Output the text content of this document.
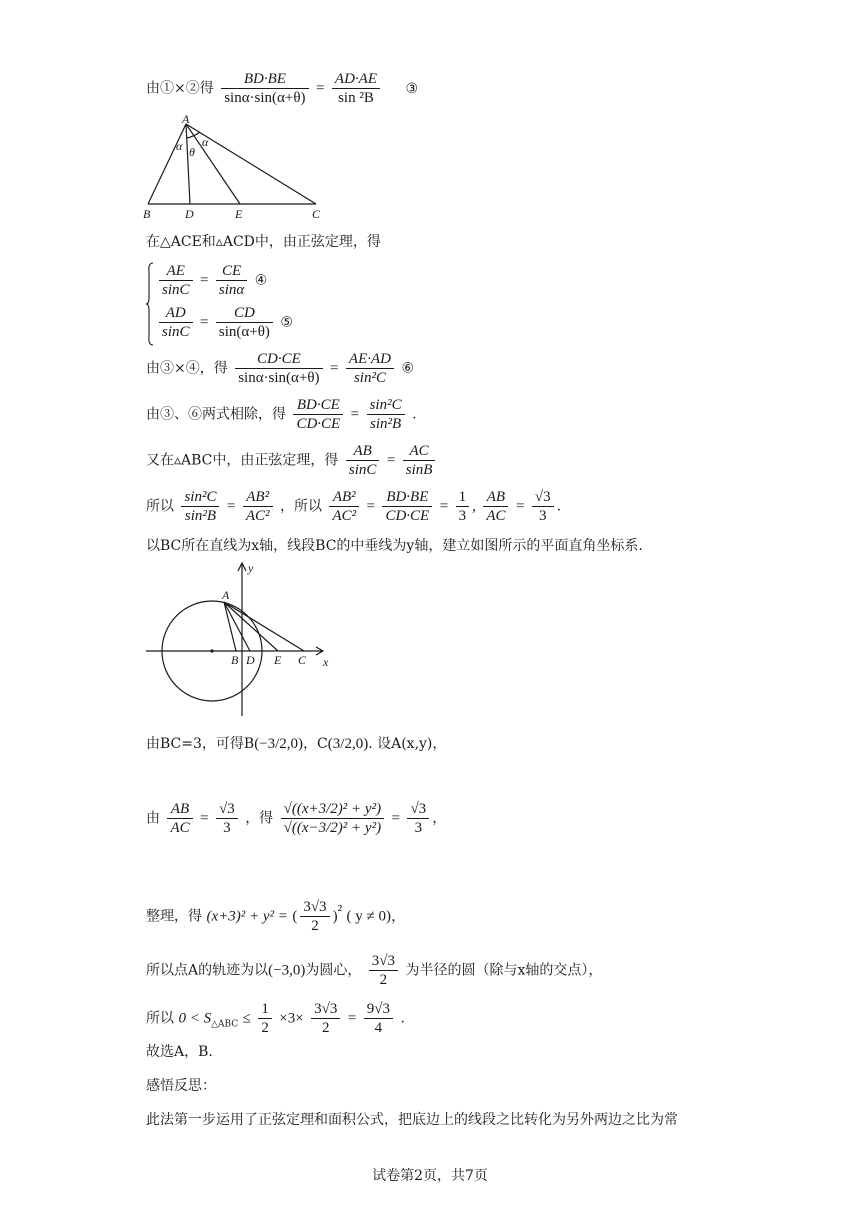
由①×②得 $\frac{BD\cdot BE}{\sin\alpha\cdot\sin(\alpha+\theta)} = \frac{AD\cdot AE}{\text{sin ²B}}$ ③
A
B	D	E	C
α θ
α
在△ACE和▵ACD中，由正弦定理，得
$\frac{AE}{\sin C} = \frac{CE}{\sin\alpha}$ ④
$\frac{AD}{\sin C} = \frac{CD}{\sin(\alpha+\theta)}$ ⑤
由③×④，得 $\frac{CD\cdot CE}{\sin\alpha\cdot\sin(\alpha+\theta)} = \frac{AE\cdot AD}{\text{sin²C}}$ ⑥
由③、⑥两式相除，得 $\frac{BD\cdot CE}{CD\cdot CE} = \frac{\text{sin²C}}{\text{sin²B}}$ .
又在▵ABC中，由正弦定理，得 $\frac{AB}{\sin C} = \frac{AC}{\sin B}$
所以 $\frac{\text{sin²C}}{\text{sin²B}} = \frac{\text{AB²}}{\text{AC²}}$ ，所以 $\frac{\text{AB²}}{\text{AC²}} = \frac{BD\cdot BE}{CD\cdot CE} = \frac{1}{3}$ , $\frac{AB}{AC} = \frac{√3}{3}$ .
以BC所在直线为x轴，线段BC的中垂线为y轴，建立如图所示的平面直角坐标系.
y
x
A
B D E C
由BC=3，可得B(−3/2,0)，C(3/2,0). 设A(x,y)，
由 $\frac{AB}{AC} = \frac{√3}{3}$ ，得 $\frac{\text{√((x+3/2)² + y²)}}{\text{√((x−3/2)² + y²)}} = \frac{√3}{3}$ ，
整理，得 (x+3)² + y² = ( $\frac{3√3}{2} )^{^2}$ ( y ≠ 0)，
所以点A的轨迹为以(−3,0)为圆心， $\frac{3√3}{2}$ 为半径的圆（除与x轴的交点），
所以 $0 < S_{\triangle ABC} \le \frac{1}{2} \times 3\times \frac{3√3}{2} = \frac{9√3}{4}$ .
故选A，B.
感悟反思：
此法第一步运用了正弦定理和面积公式，把底边上的线段之比转化为另外两边之比为常
试卷第2页，共7页
